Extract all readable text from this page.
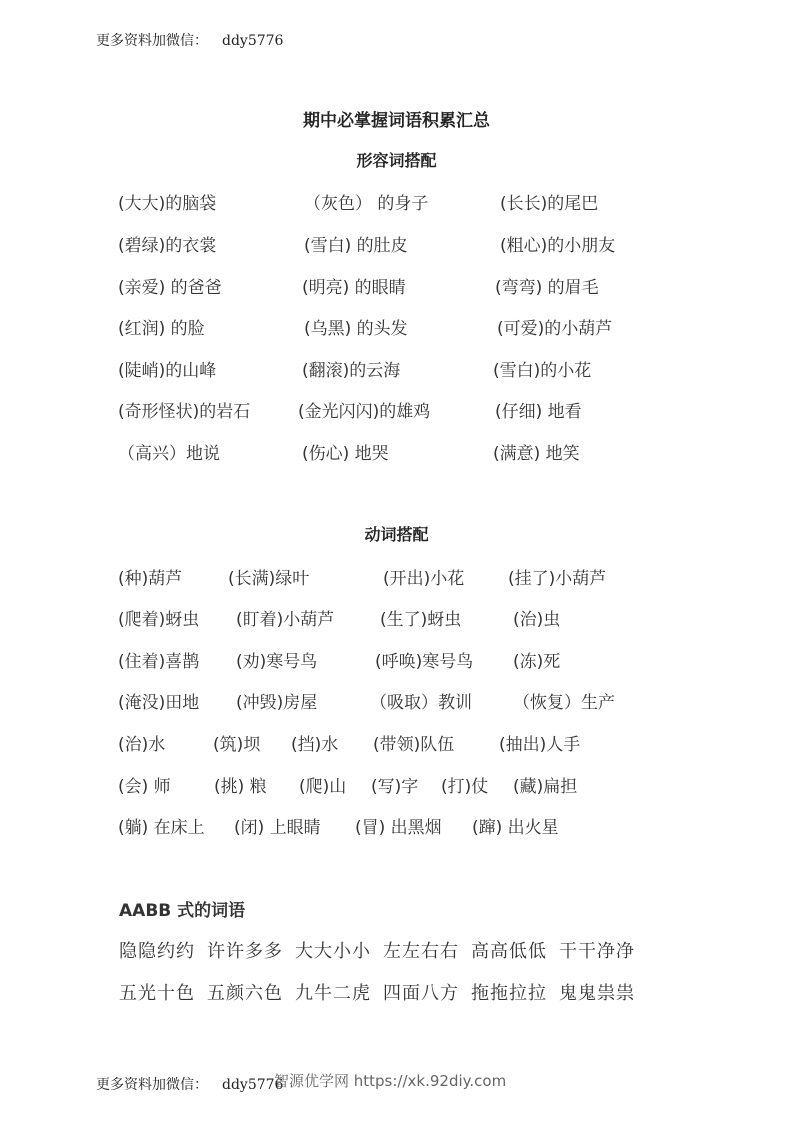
更多资料加微信： ddy5776
期中必掌握词语积累汇总
形容词搭配
(大大)的脑袋	（灰色） 的身子	(长长)的尾巴
(碧绿)的衣裳	(雪白) 的肚皮	(粗心)的小朋友
(亲爱) 的爸爸	(明亮) 的眼睛	(弯弯) 的眉毛
(红润) 的脸	(乌黑) 的头发	(可爱)的小葫芦
(陡峭)的山峰	(翻滚)的云海	(雪白)的小花
(奇形怪状)的岩石	(金光闪闪)的雄鸡	(仔细) 地看
（高兴）地说	(伤心) 地哭	(满意) 地笑
动词搭配
(种)葫芦	(长满)绿叶	(开出)小花	(挂了)小葫芦
(爬着)蚜虫 (盯着)小葫芦	(生了)蚜虫	(治)虫
(住着)喜鹊 (劝)寒号鸟	(呼唤)寒号鸟 (冻)死
(淹没)田地 (冲毁)房屋	（吸取）教训 （恢复）生产
(治)水	(筑)坝 (挡)水 (带领)队伍	(抽出)人手
(会) 师	(挑) 粮 (爬)山 (写)字 (打)仗 (藏)扁担
(躺) 在床上 (闭) 上眼睛 (冒) 出黑烟 (蹿) 出火星
AABB 式的词语
隐隐约约 许许多多 大大小小 左左右右 高高低低 干干净净
五光十色 五颜六色 九牛二虎 四面八方 拖拖拉拉 鬼鬼祟祟
更多资料加微信： ddy5776
智源优学网 https://xk.92diy.com
